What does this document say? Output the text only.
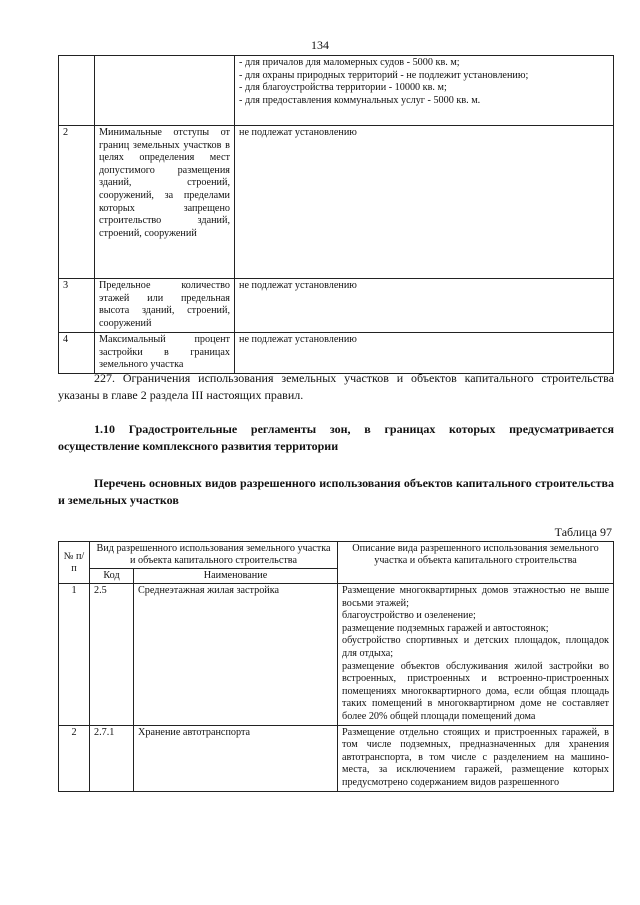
134

		- для причалов для маломерных судов - 5000 кв. м;
- для охраны природных территорий - не подлежит установлению;
- для благоустройства территории - 10000 кв. м;
- для предоставления коммунальных услуг - 5000 кв. м.

2	Минимальные отступы от границ земельных участков в целях определения мест допустимого размещения зданий, строений, сооружений, за пределами которых запрещено строительство зданий, строений, сооружений	не подлежат установлению
3	Предельное количество этажей или предельная высота зданий, строений, сооружений	не подлежат установлению
4	Максимальный процент застройки в границах земельного участка	не подлежат установлению

227. Ограничения использования земельных участков и объектов капитального строительства указаны в главе 2 раздела III настоящих правил.

1.10 Градостроительные регламенты зон, в границах которых предусматривается осуществление комплексного развития территории

Перечень основных видов разрешенного использования объектов капитального строительства и земельных участков

Таблица 97
№ п/п	Вид разрешенного использования земельного участка и объекта капитального строительства		Описание вида разрешенного использования земельного участка и объекта капитального строительства
	Код	Наименование	
1	2.5	Среднеэтажная жилая застройка	Размещение многоквартирных домов этажностью не выше восьми этажей;
благоустройство и озеленение;
размещение подземных гаражей и автостоянок;
обустройство спортивных и детских площадок, площадок для отдыха;
размещение объектов обслуживания жилой застройки во встроенных, пристроенных и встроенно-пристроенных помещениях многоквартирного дома, если общая площадь таких помещений в многоквартирном доме не составляет более 20% общей площади помещений дома

2	2.7.1	Хранение автотранспорта	Размещение отдельно стоящих и пристроенных гаражей, в том числе подземных, предназначенных для хранения автотранспорта, в том числе с разделением на машино-места, за исключением гаражей, размещение которых предусмотрено содержанием видов разрешенного
